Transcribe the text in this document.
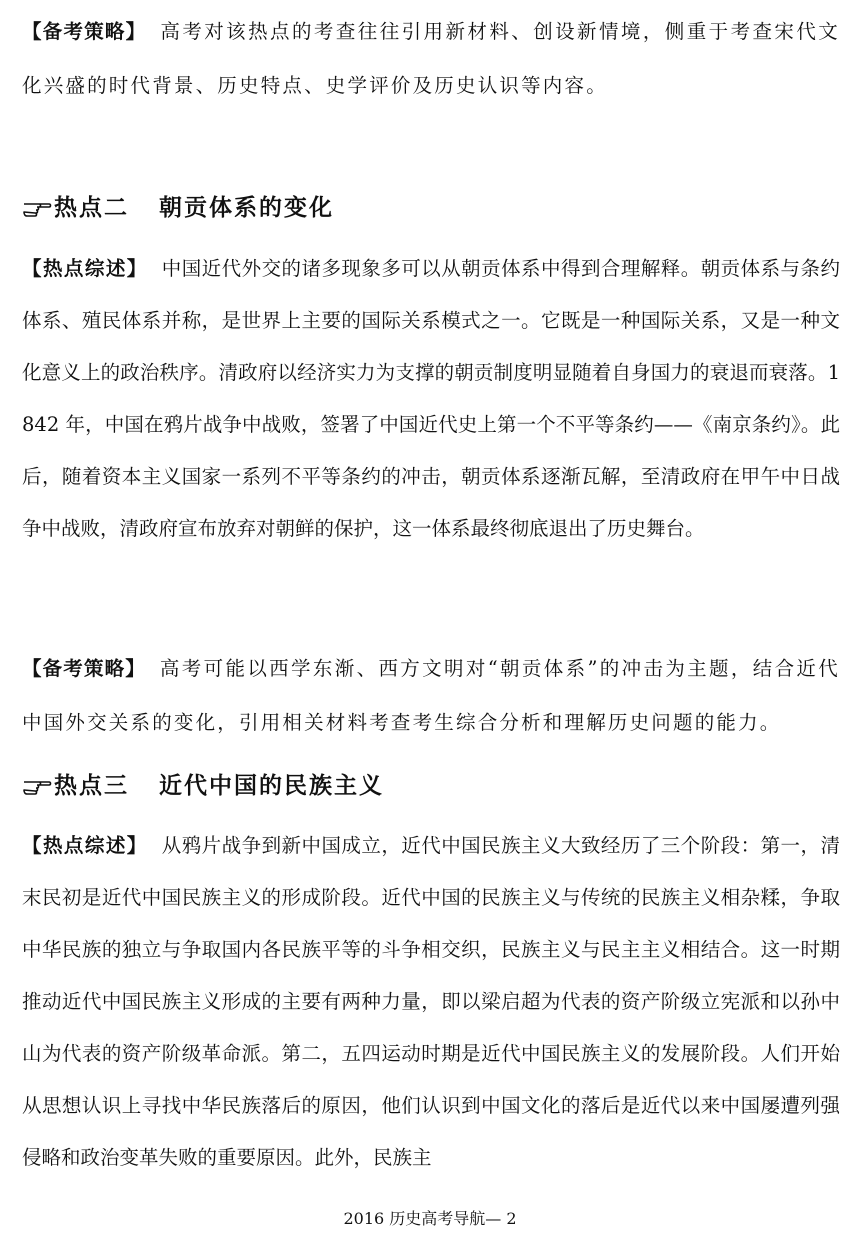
【备考策略】 高考对该热点的考查往往引用新材料、创设新情境，侧重于考查宋代文化兴盛的时代背景、历史特点、史学评价及历史认识等内容。

热点二 朝贡体系的变化

【热点综述】 中国近代外交的诸多现象多可以从朝贡体系中得到合理解释。朝贡体系与条约体系、殖民体系并称，是世界上主要的国际关系模式之一。它既是一种国际关系，又是一种文化意义上的政治秩序。清政府以经济实力为支撑的朝贡制度明显随着自身国力的衰退而衰落。1842 年，中国在鸦片战争中战败，签署了中国近代史上第一个不平等条约——《南京条约》。此后，随着资本主义国家一系列不平等条约的冲击，朝贡体系逐渐瓦解，至清政府在甲午中日战争中战败，清政府宣布放弃对朝鲜的保护，这一体系最终彻底退出了历史舞台。

【备考策略】 高考可能以西学东渐、西方文明对“朝贡体系”的冲击为主题，结合近代中国外交关系的变化，引用相关材料考查考生综合分析和理解历史问题的能力。

热点三 近代中国的民族主义

【热点综述】 从鸦片战争到新中国成立，近代中国民族主义大致经历了三个阶段：第一，清末民初是近代中国民族主义的形成阶段。近代中国的民族主义与传统的民族主义相杂糅，争取中华民族的独立与争取国内各民族平等的斗争相交织，民族主义与民主主义相结合。这一时期推动近代中国民族主义形成的主要有两种力量，即以梁启超为代表的资产阶级立宪派和以孙中山为代表的资产阶级革命派。第二，五四运动时期是近代中国民族主义的发展阶段。人们开始从思想认识上寻找中华民族落后的原因，他们认识到中国文化的落后是近代以来中国屡遭列强侵略和政治变革失败的重要原因。此外，民族主

2016 历史高考导航— 2
